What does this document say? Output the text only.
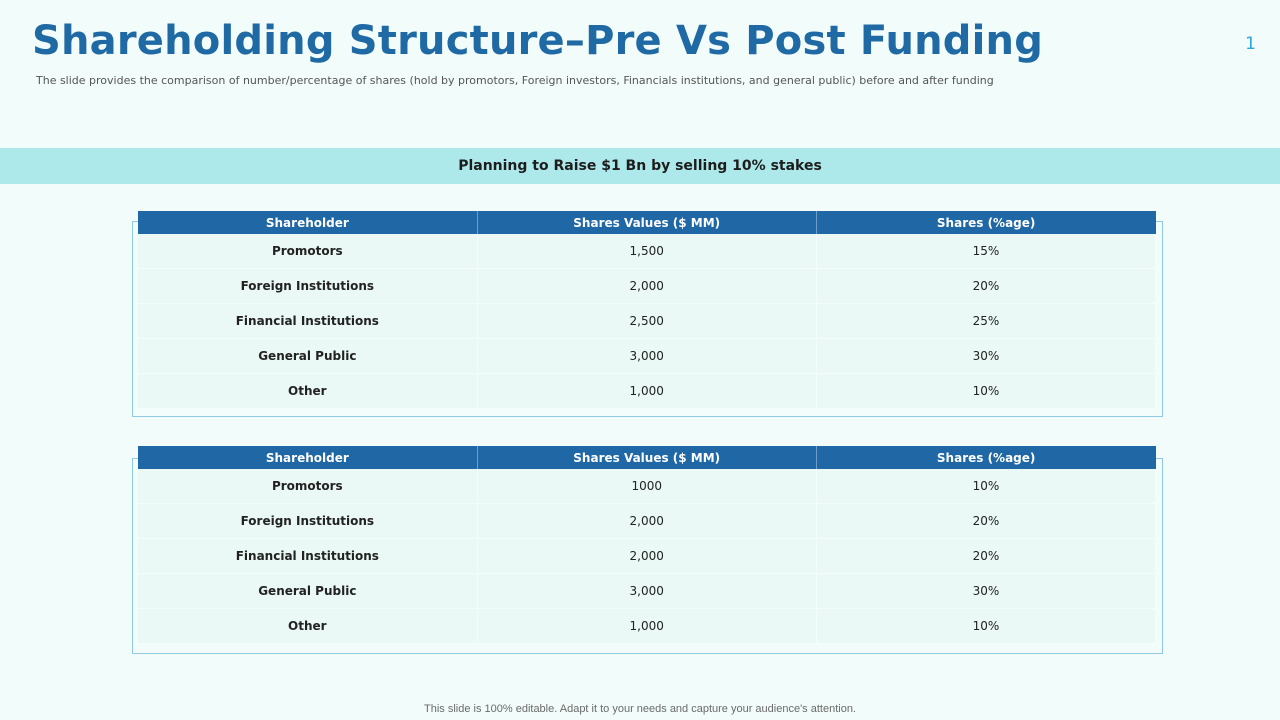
Shareholding Structure–Pre Vs Post Funding	1
The slide provides the comparison of number/percentage of shares (hold by promotors, Foreign investors, Financials institutions, and general public) before and after funding
Planning to Raise $1 Bn by selling 10% stakes
Shareholder	Shares Values ($ MM)	Shares (%age)
Promotors	1,500	15%
Foreign Institutions	2,000	20%
Financial Institutions	2,500	25%
General Public	3,000	30%
Other	1,000	10%
Shareholder	Shares Values ($ MM)	Shares (%age)
Promotors	1000	10%
Foreign Institutions	2,000	20%
Financial Institutions	2,000	20%
General Public	3,000	30%
Other	1,000	10%
This slide is 100% editable. Adapt it to your needs and capture your audience's attention.
